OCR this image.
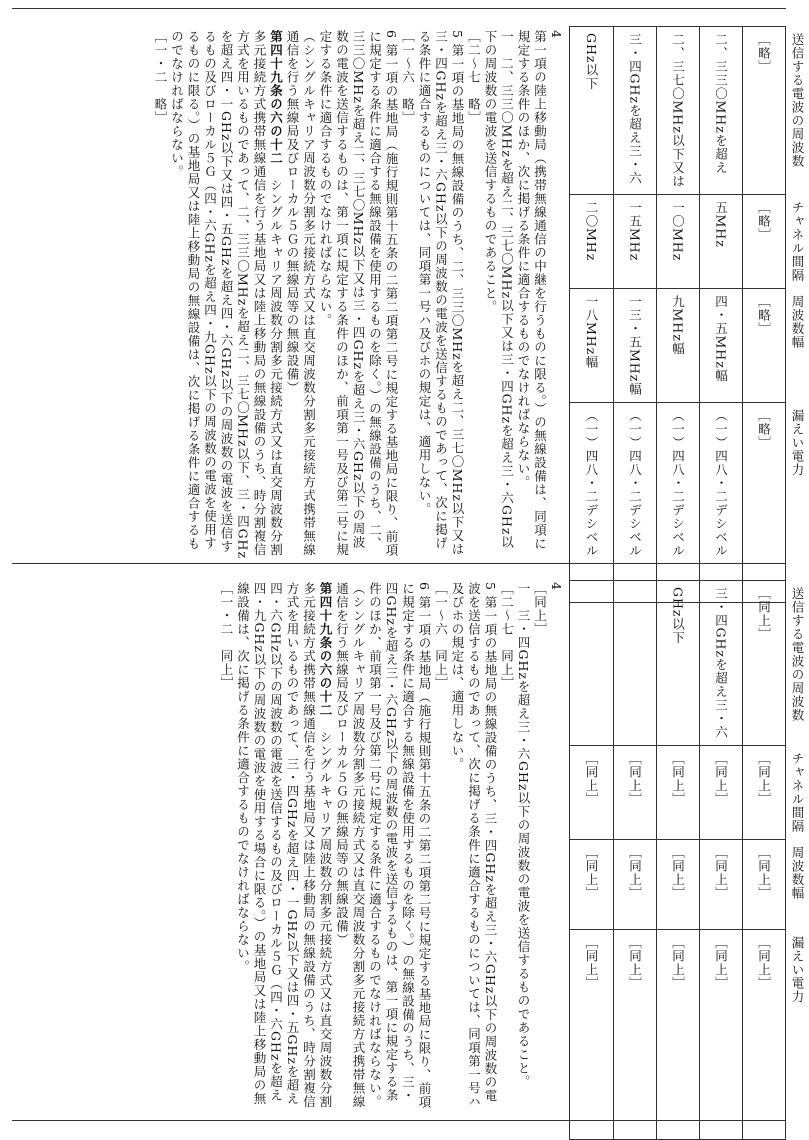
GHz以下	三・四GHzを超え三・六	二、三七〇MHz以下又は	二、三三〇MHzを超え	［略］	送信する電波の周波数

二〇MHz	一五MHz	一〇MHz	五MHz	［略］	チャネル間隔

一八MHz幅	一三・五MHz幅	九MHz幅	四・五MHz幅	［略］	周波数幅

（一）四八・二デシベル	（一）四八・二デシベル	（一）四八・二デシベル	（一）四八・二デシベル	［略］	漏えい電力
4
第一項の陸上移動局（携帯無線通信の中継を行うものに限る。）の無線設備は、同項に規定する条件のほか、次に掲げる条件に適合するものでなければならない。
一　二、三三〇MHzを超え二、三七〇MHz以下又は三・四GHzを超え三・六GHz以下の周波数の電波を送信するものであること。
［二～七　略］
5 第一項の基地局の無線設備のうち、二、三三〇MHzを超え二、三七〇MHz以下又は三・四GHzを超え三・六GHz以下の周波数の電波を送信するものであって、次に掲げる条件に適合するものについては、同項第一号ハ及びホの規定は、適用しない。
［一～六　略］
6 第一項の基地局（施行規則第十五条の二第二項第二号に規定する基地局に限り、前項に規定する条件に適合する無線設備を使用するものを除く。）の無線設備のうち、二、三三〇MHzを超え二、三七〇MHz以下又は三・四GHzを超え三・六GHz以下の周波数の電波を送信するものは、第一項に規定する条件のほか、前項第一号及び第二号に規定する条件に適合するものでなければならない。
（シングルキャリア周波数分割多元接続方式又は直交周波数分割多元接続方式携帯無線通信を行う無線局及びローカル５Ｇの無線局等の無線設備）
第四十九条の六の十二　シングルキャリア周波数分割多元接続方式又は直交周波数分割多元接続方式携帯無線通信を行う基地局又は陸上移動局の無線設備のうち、時分割複信方式を用いるものであって、二、三三〇MHzを超え二、三七〇MHz以下、三・四GHzを超え四・一GHz以下又は四・五GHzを超え四・六GHz以下の周波数の電波を送信するもの及びローカル５Ｇ（四・六GHzを超え四・九GHz以下の周波数の電波を使用するものに限る。）の基地局又は陸上移動局の無線設備は、次に掲げる条件に適合するものでなければならない。
［一・二　略］

		GHz以下	三・四GHzを超え三・六	［同上］	送信する電波の周波数

［同上］	［同上］	［同上］	［同上］	［同上］	チャネル間隔

［同上］	［同上］	［同上］	［同上］	［同上］	周波数幅

［同上］	［同上］	［同上］	［同上］	［同上］	漏えい電力
4
［同上］
一　三・四GHzを超え三・六GHz以下の周波数の電波を送信するものであること。
［二～七　同上］
5 第一項の基地局の無線設備のうち、三・四GHzを超え三・六GHz以下の周波数の電波を送信するものであって、次に掲げる条件に適合するものについては、同項第一号ハ及びホの規定は、適用しない。
［一～六　同上］
6 第一項の基地局（施行規則第十五条の二第二項第二号に規定する基地局に限り、前項に規定する条件に適合する無線設備を使用するものを除く。）の無線設備のうち、三・四GHzを超え三・六GHz以下の周波数の電波を送信するものは、第一項に規定する条件のほか、前項第一号及び第二号に規定する条件に適合するものでなければならない。
（シングルキャリア周波数分割多元接続方式又は直交周波数分割多元接続方式携帯無線通信を行う無線局及びローカル５Ｇの無線局等の無線設備）
第四十九条の六の十二　シングルキャリア周波数分割多元接続方式又は直交周波数分割多元接続方式携帯無線通信を行う基地局又は陸上移動局の無線設備のうち、時分割複信方式を用いるものであって、三・四GHzを超え四・一GHz以下又は四・五GHzを超え四・六GHz以下の周波数の電波を送信するもの及びローカル５Ｇ（四・六GHzを超え四・九GHz以下の周波数の電波を使用する場合に限る。）の基地局又は陸上移動局の無線設備は、次に掲げる条件に適合するものでなければならない。
［一・二　同上］
